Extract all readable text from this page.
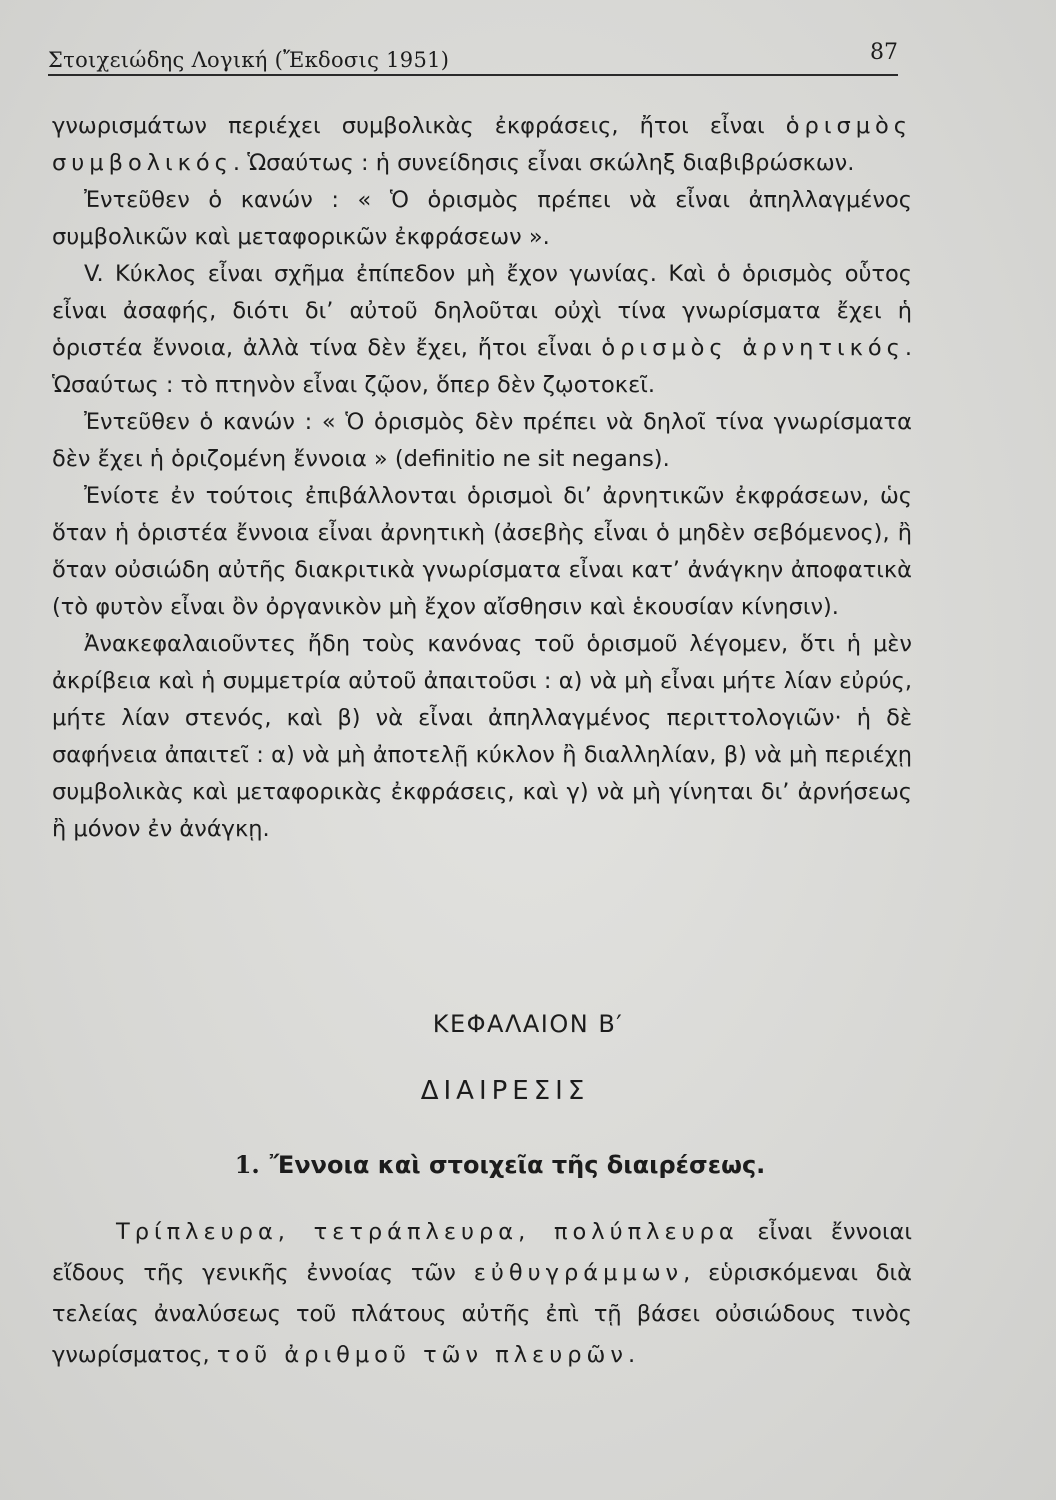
Στοιχειώδης Λογική (Ἔκδοσις 1951)	87

γνωρισμάτων περιέχει συμβολικὰς ἐκφράσεις, ἤτοι εἶναι ὁρισμὸς συμβολικός. Ὡσαύτως : ἡ συνείδησις εἶναι σκώληξ διαβιβρώσκων.

Ἐντεῦθεν ὁ κανών : « Ὁ ὁρισμὸς πρέπει νὰ εἶναι ἀπηλλαγμένος συμβολικῶν καὶ μεταφορικῶν ἐκφράσεων ».

V. Κύκλος εἶναι σχῆμα ἐπίπεδον μὴ ἔχον γωνίας. Καὶ ὁ ὁρισμὸς οὗτος εἶναι ἀσαφής, διότι δι’ αὐτοῦ δηλοῦται οὐχὶ τίνα γνωρίσματα ἔχει ἡ ὁριστέα ἔννοια, ἀλλὰ τίνα δὲν ἔχει, ἤτοι εἶναι ὁρισμὸς ἀρνητικός. Ὡσαύτως : τὸ πτηνὸν εἶναι ζῷον, ὅπερ δὲν ζῳοτοκεῖ.

Ἐντεῦθεν ὁ κανών : « Ὁ ὁρισμὸς δὲν πρέπει νὰ δηλοῖ τίνα γνωρίσματα δὲν ἔχει ἡ ὁριζομένη ἔννοια » (definitio ne sit negans).

Ἐνίοτε ἐν τούτοις ἐπιβάλλονται ὁρισμοὶ δι’ ἀρνητικῶν ἐκφράσεων, ὡς ὅταν ἡ ὁριστέα ἔννοια εἶναι ἀρνητικὴ (ἀσεβὴς εἶναι ὁ μηδὲν σεβόμενος), ἢ ὅταν οὐσιώδη αὐτῆς διακριτικὰ γνωρίσματα εἶναι κατ’ ἀνάγκην ἀποφατικὰ (τὸ φυτὸν εἶναι ὂν ὀργανικὸν μὴ ἔχον αἴσθησιν καὶ ἑκουσίαν κίνησιν).

Ἀνακεφαλαιοῦντες ἤδη τοὺς κανόνας τοῦ ὁρισμοῦ λέγομεν, ὅτι ἡ μὲν ἀκρίβεια καὶ ἡ συμμετρία αὐτοῦ ἀπαιτοῦσι : α) νὰ μὴ εἶναι μήτε λίαν εὐρύς, μήτε λίαν στενός, καὶ β) νὰ εἶναι ἀπηλλαγμένος περιττολογιῶν· ἡ δὲ σαφήνεια ἀπαιτεῖ : α) νὰ μὴ ἀποτελῇ κύκλον ἢ διαλληλίαν, β) νὰ μὴ περιέχῃ συμβολικὰς καὶ μεταφορικὰς ἐκφράσεις, καὶ γ) νὰ μὴ γίνηται δι’ ἀρνήσεως ἢ μόνον ἐν ἀνάγκῃ.

ΚΕΦΑΛΑΙΟΝ Β′
ΔΙΑΙΡΕΣΙΣ
1. Ἔννοια καὶ στοιχεῖα τῆς διαιρέσεως.

Τρίπλευρα, τετράπλευρα, πολύπλευρα εἶναι ἔννοιαι εἴδους τῆς γενικῆς ἐννοίας τῶν εὐθυγράμμων, εὑρισκόμεναι διὰ τελείας ἀναλύσεως τοῦ πλάτους αὐτῆς ἐπὶ τῇ βάσει οὐσιώδους τινὸς γνωρίσματος, τοῦ ἀριθμοῦ τῶν πλευρῶν.
